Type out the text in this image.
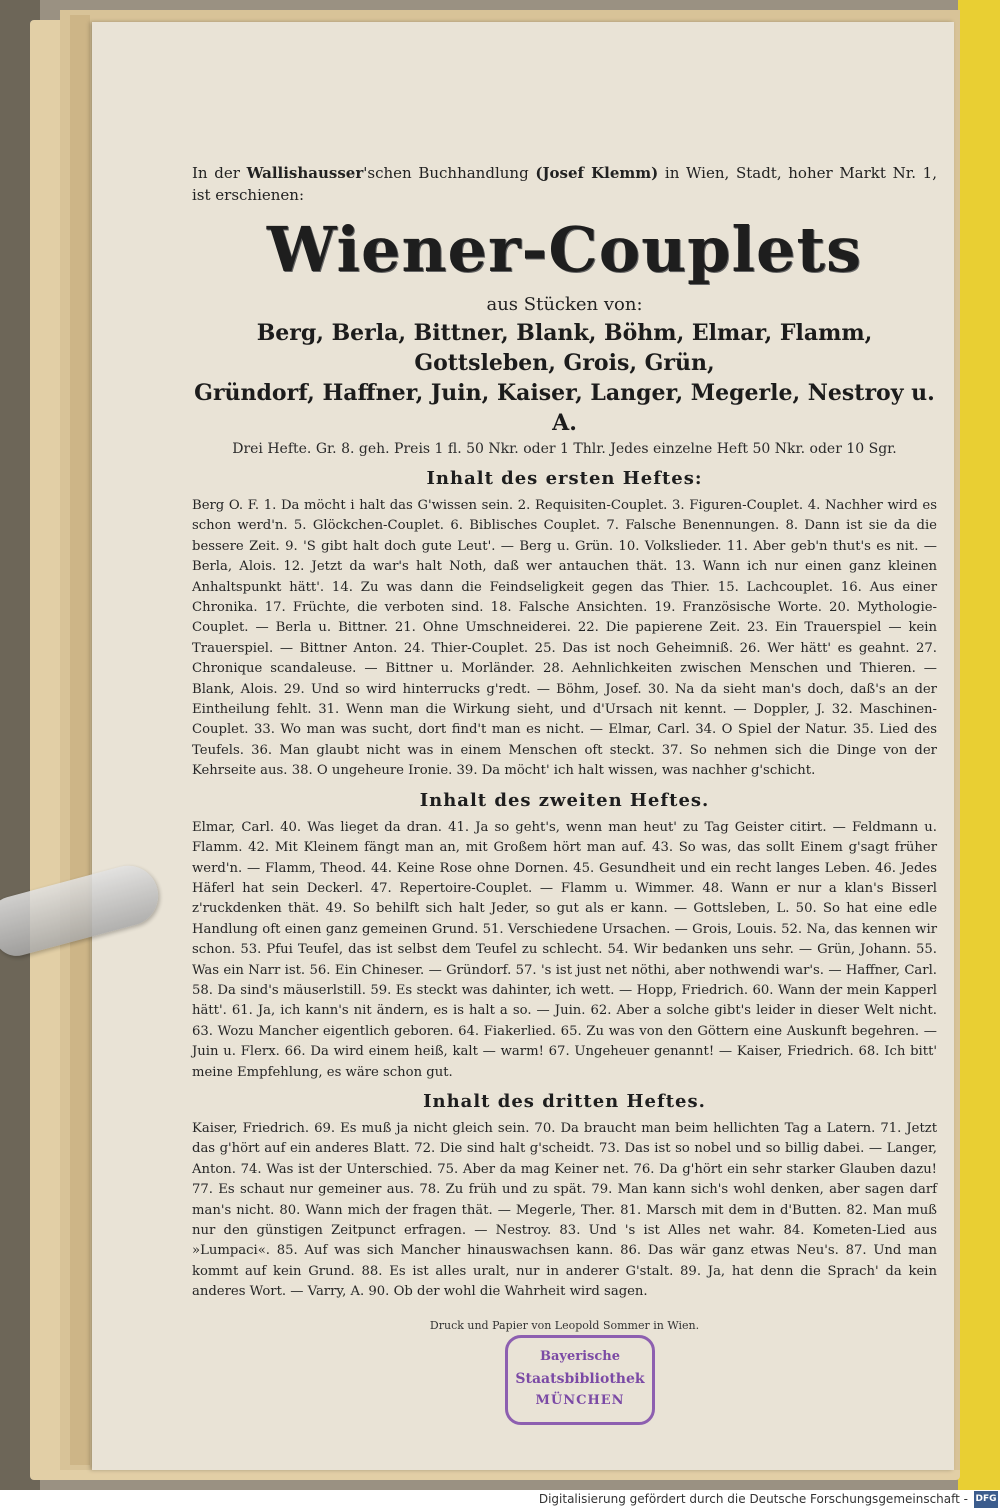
In der Wallishausser'schen Buchhandlung (Josef Klemm) in Wien, Stadt, hoher Markt Nr. 1, ist erschienen:
Wiener-Couplets
aus Stücken von:
Berg, Berla, Bittner, Blank, Böhm, Elmar, Flamm, Gottsleben, Grois, Grün,
Gründorf, Haffner, Juin, Kaiser, Langer, Megerle, Nestroy u. A.
Drei Hefte. Gr. 8. geh. Preis 1 fl. 50 Nkr. oder 1 Thlr. Jedes einzelne Heft 50 Nkr. oder 10 Sgr.
Inhalt des ersten Heftes:
Berg O. F. 1. Da möcht i halt das G'wissen sein. 2. Requisiten-Couplet. 3. Figuren-Couplet. 4. Nachher wird es schon werd'n. 5. Glöckchen-Couplet. 6. Biblisches Couplet. 7. Falsche Benennungen. 8. Dann ist sie da die bessere Zeit. 9. 'S gibt halt doch gute Leut'. — Berg u. Grün. 10. Volkslieder. 11. Aber geb'n thut's es nit. — Berla, Alois. 12. Jetzt da war's halt Noth, daß wer antauchen thät. 13. Wann ich nur einen ganz kleinen Anhaltspunkt hätt'. 14. Zu was dann die Feindseligkeit gegen das Thier. 15. Lachcouplet. 16. Aus einer Chronika. 17. Früchte, die verboten sind. 18. Falsche Ansichten. 19. Französische Worte. 20. Mythologie-Couplet. — Berla u. Bittner. 21. Ohne Umschneiderei. 22. Die papierene Zeit. 23. Ein Trauerspiel — kein Trauerspiel. — Bittner Anton. 24. Thier-Couplet. 25. Das ist noch Geheimniß. 26. Wer hätt' es geahnt. 27. Chronique scandaleuse. — Bittner u. Morländer. 28. Aehnlichkeiten zwischen Menschen und Thieren. — Blank, Alois. 29. Und so wird hinterrucks g'redt. — Böhm, Josef. 30. Na da sieht man's doch, daß's an der Eintheilung fehlt. 31. Wenn man die Wirkung sieht, und d'Ursach nit kennt. — Doppler, J. 32. Maschinen-Couplet. 33. Wo man was sucht, dort find't man es nicht. — Elmar, Carl. 34. O Spiel der Natur. 35. Lied des Teufels. 36. Man glaubt nicht was in einem Menschen oft steckt. 37. So nehmen sich die Dinge von der Kehrseite aus. 38. O ungeheure Ironie. 39. Da möcht' ich halt wissen, was nachher g'schicht.
Inhalt des zweiten Heftes.
Elmar, Carl. 40. Was lieget da dran. 41. Ja so geht's, wenn man heut' zu Tag Geister citirt. — Feldmann u. Flamm. 42. Mit Kleinem fängt man an, mit Großem hört man auf. 43. So was, das sollt Einem g'sagt früher werd'n. — Flamm, Theod. 44. Keine Rose ohne Dornen. 45. Gesundheit und ein recht langes Leben. 46. Jedes Häferl hat sein Deckerl. 47. Repertoire-Couplet. — Flamm u. Wimmer. 48. Wann er nur a klan's Bisserl z'ruckdenken thät. 49. So behilft sich halt Jeder, so gut als er kann. — Gottsleben, L. 50. So hat eine edle Handlung oft einen ganz gemeinen Grund. 51. Verschiedene Ursachen. — Grois, Louis. 52. Na, das kennen wir schon. 53. Pfui Teufel, das ist selbst dem Teufel zu schlecht. 54. Wir bedanken uns sehr. — Grün, Johann. 55. Was ein Narr ist. 56. Ein Chineser. — Gründorf. 57. 's ist just net nöthi, aber nothwendi war's. — Haffner, Carl. 58. Da sind's mäuserlstill. 59. Es steckt was dahinter, ich wett. — Hopp, Friedrich. 60. Wann der mein Kapperl hätt'. 61. Ja, ich kann's nit ändern, es is halt a so. — Juin. 62. Aber a solche gibt's leider in dieser Welt nicht. 63. Wozu Mancher eigentlich geboren. 64. Fiakerlied. 65. Zu was von den Göttern eine Auskunft begehren. — Juin u. Flerx. 66. Da wird einem heiß, kalt — warm! 67. Ungeheuer genannt! — Kaiser, Friedrich. 68. Ich bitt' meine Empfehlung, es wäre schon gut.
Inhalt des dritten Heftes.
Kaiser, Friedrich. 69. Es muß ja nicht gleich sein. 70. Da braucht man beim hellichten Tag a Latern. 71. Jetzt das g'hört auf ein anderes Blatt. 72. Die sind halt g'scheidt. 73. Das ist so nobel und so billig dabei. — Langer, Anton. 74. Was ist der Unterschied. 75. Aber da mag Keiner net. 76. Da g'hört ein sehr starker Glauben dazu! 77. Es schaut nur gemeiner aus. 78. Zu früh und zu spät. 79. Man kann sich's wohl denken, aber sagen darf man's nicht. 80. Wann mich der fragen thät. — Megerle, Ther. 81. Marsch mit dem in d'Butten. 82. Man muß nur den günstigen Zeitpunct erfragen. — Nestroy. 83. Und 's ist Alles net wahr. 84. Kometen-Lied aus »Lumpaci«. 85. Auf was sich Mancher hinauswachsen kann. 86. Das wär ganz etwas Neu's. 87. Und man kommt auf kein Grund. 88. Es ist alles uralt, nur in anderer G'stalt. 89. Ja, hat denn die Sprach' da kein anderes Wort. — Varry, A. 90. Ob der wohl die Wahrheit wird sagen.
Druck und Papier von Leopold Sommer in Wien.
Bayerische
Staatsbibliothek
MÜNCHEN
Digitalisierung gefördert durch die Deutsche Forschungsgemeinschaft - DFG
